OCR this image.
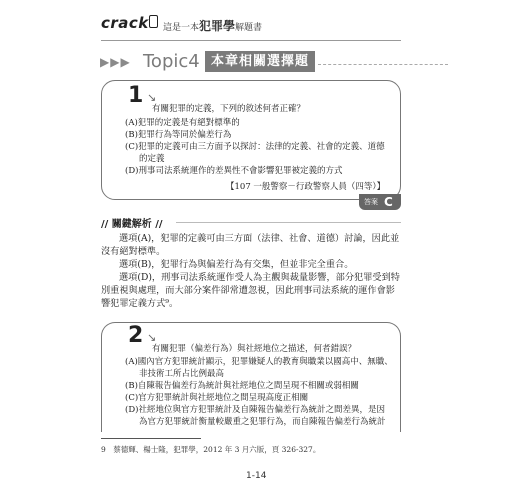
crack 這是一本犯罪學解題書
▶▶▶ Topic4 本章相關選擇題
1 ↘
有關犯罪的定義，下列的敘述何者正確？
(A)犯罪的定義是有絕對標準的
(B)犯罪行為等同於偏差行為
(C)犯罪的定義可由三方面予以探討：法律的定義、社會的定義、道德
的定義
(D)刑事司法系統運作的差異性不會影響犯罪被定義的方式
【107 一般警察－行政警察人員（四等）】
答案 C
// 關鍵解析 //
選項(A)，犯罪的定義可由三方面（法律、社會、道德）討論，因此並沒有絕對標準。
選項(B)，犯罪行為與偏差行為有交集，但並非完全重合。
選項(D)，刑事司法系統運作受人為主觀與裁量影響，部分犯罪受到特別重視與處理，而大部分案件卻常遭忽視，因此刑事司法系統的運作會影響犯罪定義方式⁹。
2 ↘
有關犯罪（偏差行為）與社經地位之描述，何者錯誤？
(A)國內官方犯罪統計顯示，犯罪嫌疑人的教育與職業以國高中、無職、
非技術工所占比例最高
(B)自陳報告偏差行為統計與社經地位之間呈現不相關或弱相關
(C)官方犯罪統計與社經地位之間呈現高度正相關
(D)社經地位與官方犯罪統計及自陳報告偏差行為統計之間差異，是因
為官方犯罪統計衡量較嚴重之犯罪行為，而自陳報告偏差行為統計
9　蔡德輝、楊士隆，犯罪學，2012 年 3 月六版，頁 326-327。
1-14
